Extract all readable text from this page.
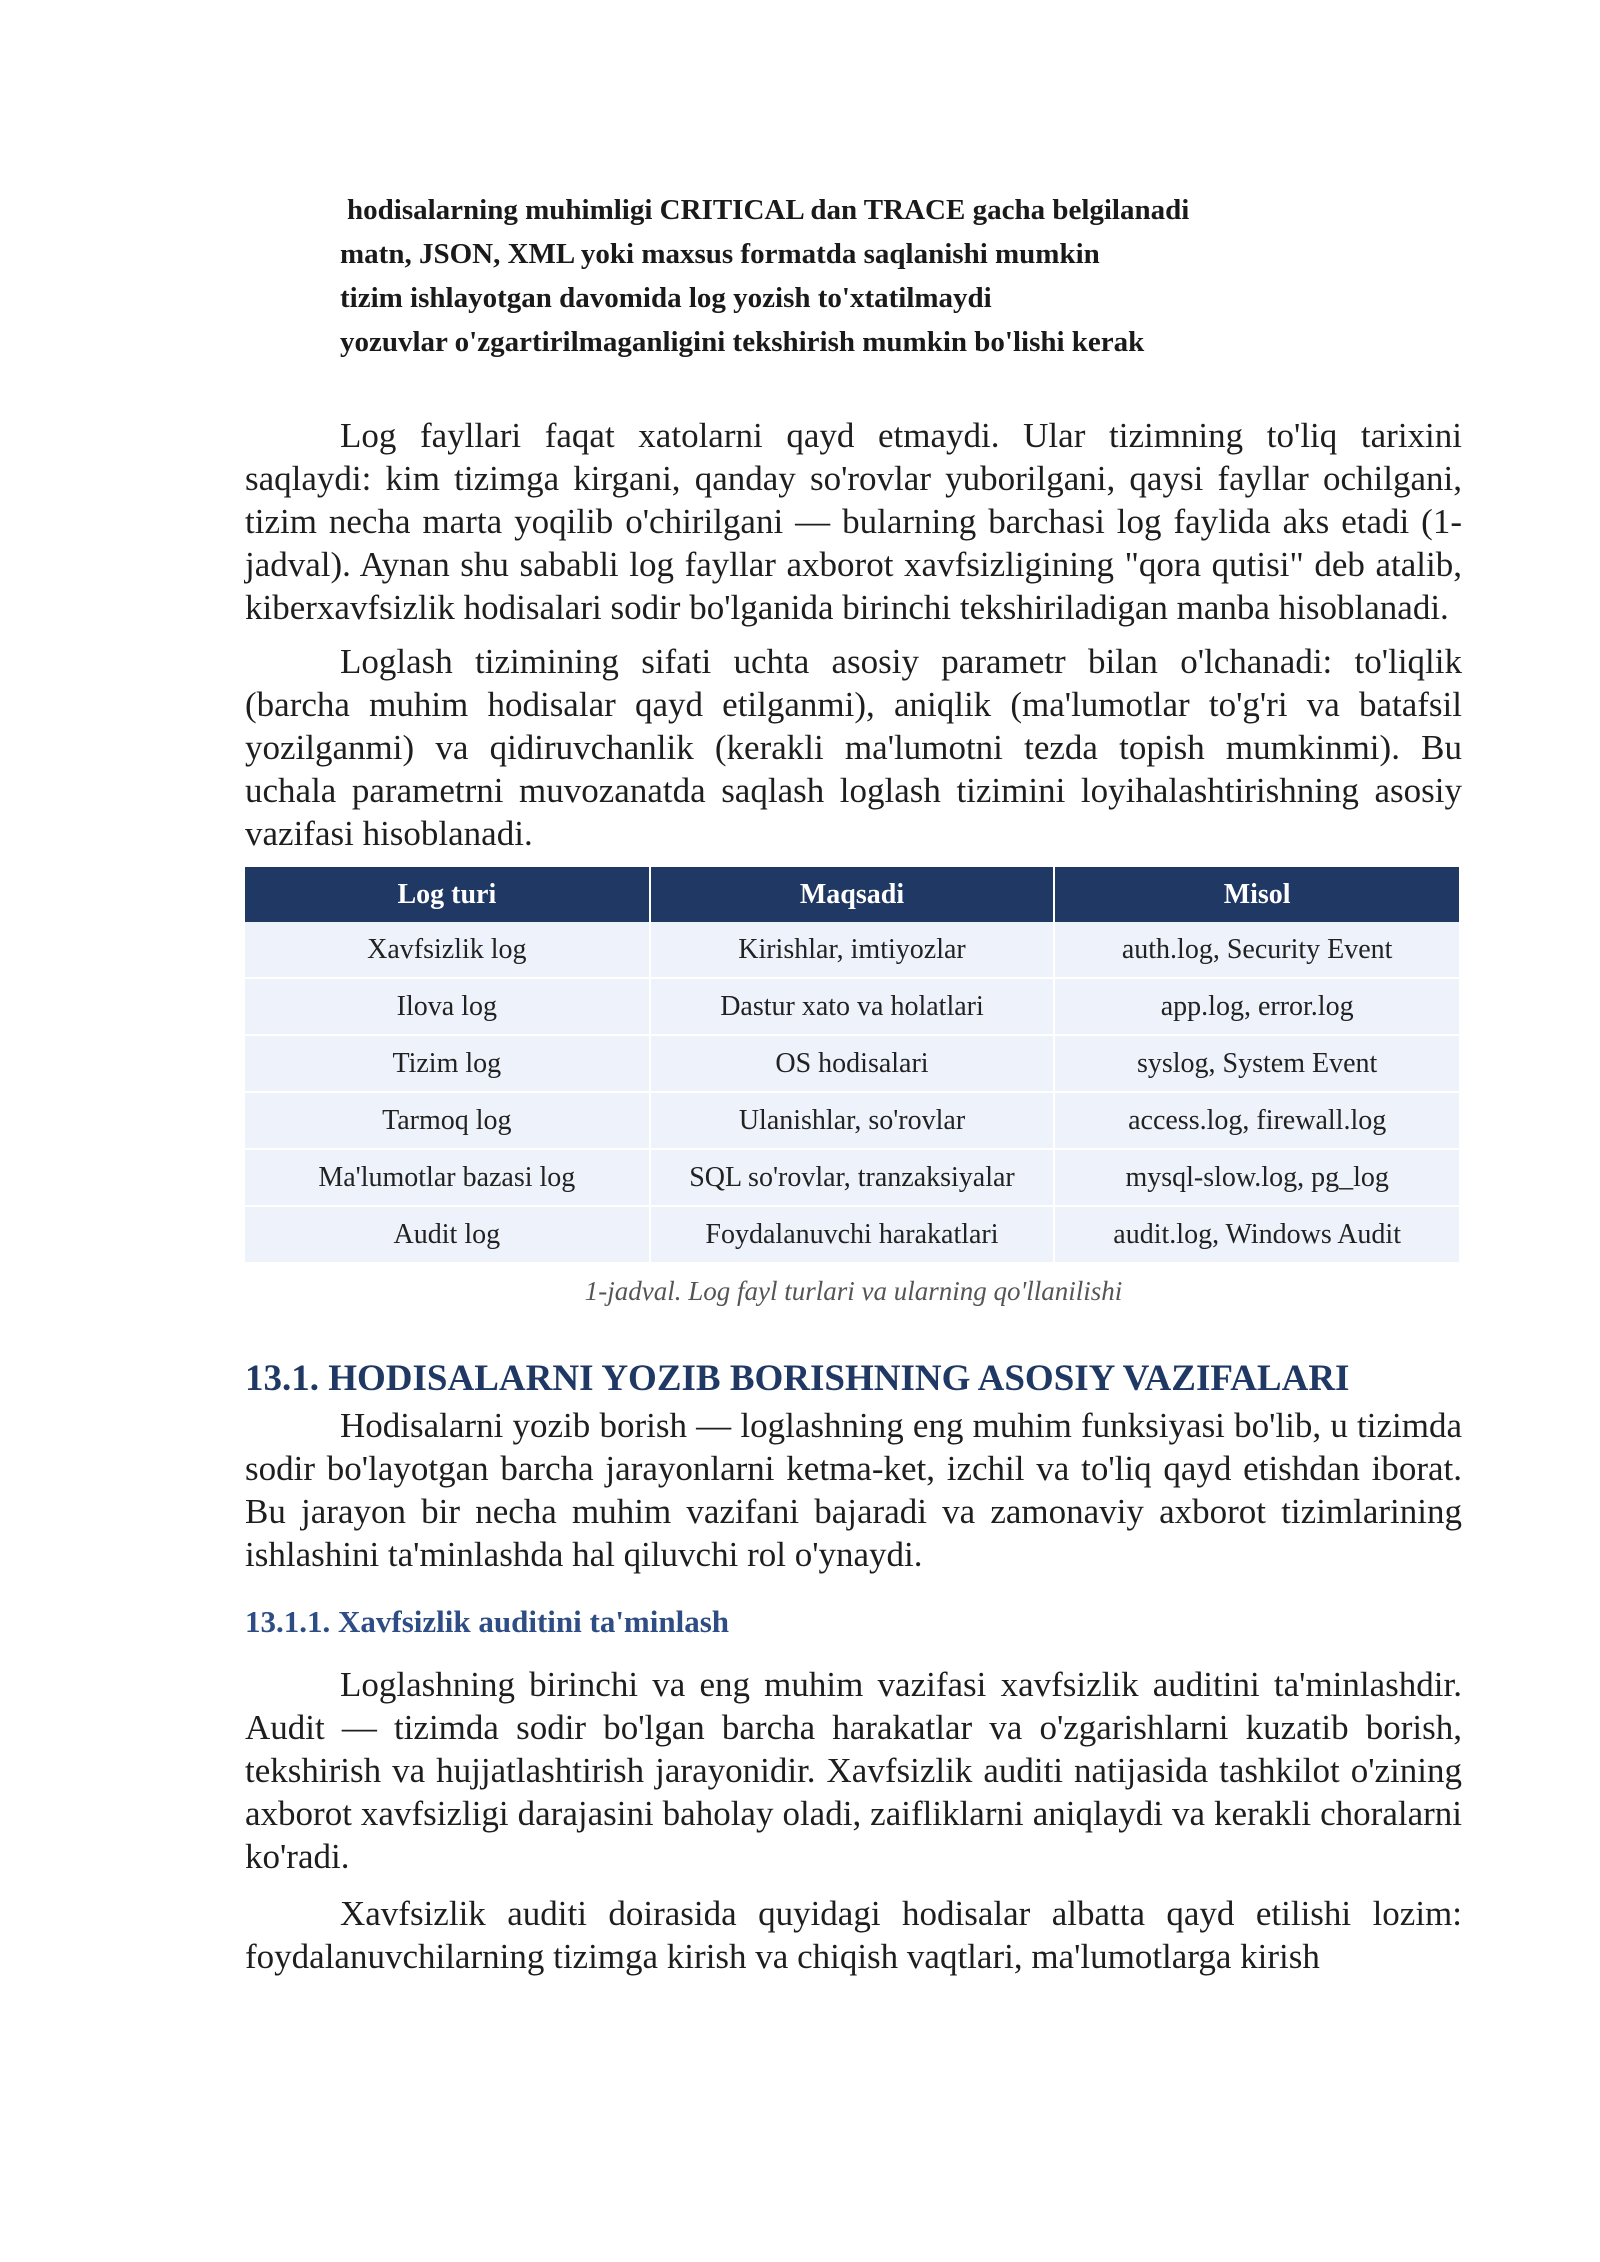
hodisalarning muhimligi CRITICAL dan TRACE gacha belgilanadi
matn, JSON, XML yoki maxsus formatda saqlanishi mumkin
tizim ishlayotgan davomida log yozish to'xtatilmaydi
yozuvlar o'zgartirilmaganligini tekshirish mumkin bo'lishi kerak

Log fayllari faqat xatolarni qayd etmaydi. Ular tizimning to'liq tarixini saqlaydi: kim tizimga kirgani, qanday so'rovlar yuborilgani, qaysi fayllar ochilgani, tizim necha marta yoqilib o'chirilgani — bularning barchasi log faylida aks etadi (1-jadval). Aynan shu sababli log fayllar axborot xavfsizligining "qora qutisi" deb atalib, kiberxavfsizlik hodisalari sodir bo'lganida birinchi tekshiriladigan manba hisoblanadi.

Loglash tizimining sifati uchta asosiy parametr bilan o'lchanadi: to'liqlik (barcha muhim hodisalar qayd etilganmi), aniqlik (ma'lumotlar to'g'ri va batafsil yozilganmi) va qidiruvchanlik (kerakli ma'lumotni tezda topish mumkinmi). Bu uchala parametrni muvozanatda saqlash loglash tizimini loyihalashtirishning asosiy vazifasi hisoblanadi.

Log turi	Maqsadi	Misol
Xavfsizlik log	Kirishlar, imtiyozlar	auth.log, Security Event
Ilova log	Dastur xato va holatlari	app.log, error.log
Tizim log	OS hodisalari	syslog, System Event
Tarmoq log	Ulanishlar, so'rovlar	access.log, firewall.log
Ma'lumotlar bazasi log	SQL so'rovlar, tranzaksiyalar	mysql-slow.log, pg_log
Audit log	Foydalanuvchi harakatlari	audit.log, Windows Audit
1-jadval. Log fayl turlari va ularning qo'llanilishi
13.1. HODISALARNI YOZIB BORISHNING ASOSIY VAZIFALARI

Hodisalarni yozib borish — loglashning eng muhim funksiyasi bo'lib, u tizimda sodir bo'layotgan barcha jarayonlarni ketma-ket, izchil va to'liq qayd etishdan iborat. Bu jarayon bir necha muhim vazifani bajaradi va zamonaviy axborot tizimlarining ishlashini ta'minlashda hal qiluvchi rol o'ynaydi.

13.1.1. Xavfsizlik auditini ta'minlash

Loglashning birinchi va eng muhim vazifasi xavfsizlik auditini ta'minlashdir. Audit — tizimda sodir bo'lgan barcha harakatlar va o'zgarishlarni kuzatib borish, tekshirish va hujjatlashtirish jarayonidir. Xavfsizlik auditi natijasida tashkilot o'zining axborot xavfsizligi darajasini baholay oladi, zaifliklarni aniqlaydi va kerakli choralarni ko'radi.

Xavfsizlik auditi doirasida quyidagi hodisalar albatta qayd etilishi lozim: foydalanuvchilarning tizimga kirish va chiqish vaqtlari, ma'lumotlarga kirish
